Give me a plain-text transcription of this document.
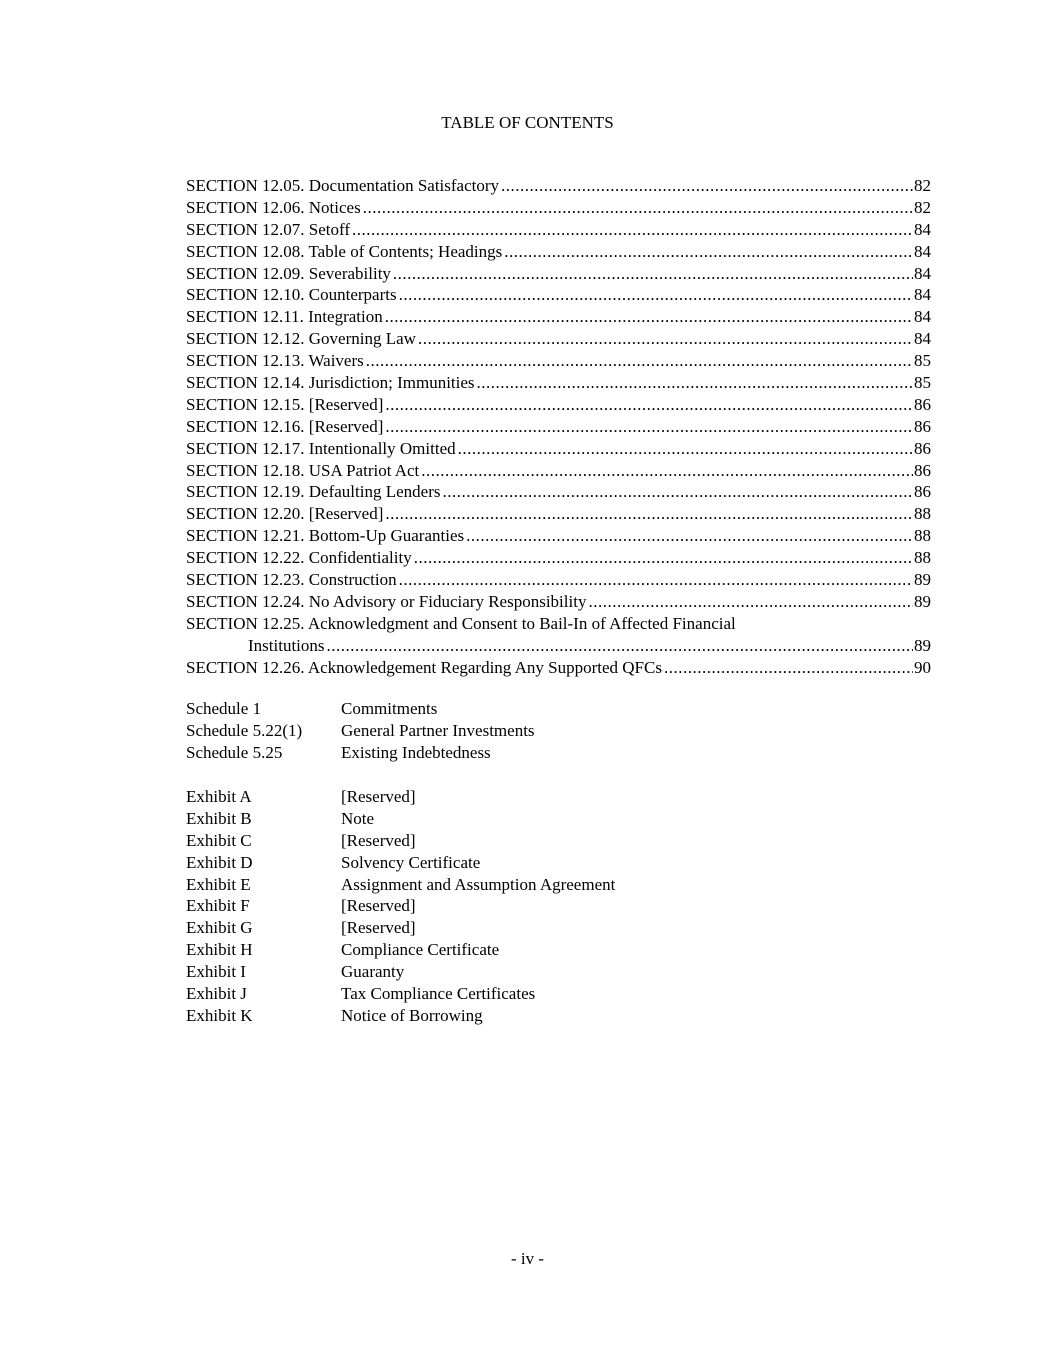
TABLE OF CONTENTS
SECTION 12.05. Documentation Satisfactory .....	82
SECTION 12.06. Notices .....	82
SECTION 12.07. Setoff .....	84
SECTION 12.08. Table of Contents; Headings .....	84
SECTION 12.09. Severability .....	84
SECTION 12.10. Counterparts .....	84
SECTION 12.11. Integration .....	84
SECTION 12.12. Governing Law .....	84
SECTION 12.13. Waivers .....	85
SECTION 12.14. Jurisdiction; Immunities .....	85
SECTION 12.15. [Reserved] .....	86
SECTION 12.16. [Reserved] .....	86
SECTION 12.17. Intentionally Omitted .....	86
SECTION 12.18. USA Patriot Act .....	86
SECTION 12.19. Defaulting Lenders .....	86
SECTION 12.20. [Reserved] .....	88
SECTION 12.21. Bottom-Up Guaranties .....	88
SECTION 12.22. Confidentiality .....	88
SECTION 12.23. Construction .....	89
SECTION 12.24. No Advisory or Fiduciary Responsibility .....	89
SECTION 12.25. Acknowledgment and Consent to Bail-In of Affected Financial
Institutions .....	89
SECTION 12.26. Acknowledgement Regarding Any Supported QFCs .....	90
Schedule 1	Commitments
Schedule 5.22(1)	General Partner Investments
Schedule 5.25	Existing Indebtedness
Exhibit A	[Reserved]
Exhibit B	Note
Exhibit C	[Reserved]
Exhibit D	Solvency Certificate
Exhibit E	Assignment and Assumption Agreement
Exhibit F	[Reserved]
Exhibit G	[Reserved]
Exhibit H	Compliance Certificate
Exhibit I	Guaranty
Exhibit J	Tax Compliance Certificates
Exhibit K	Notice of Borrowing
- iv -
